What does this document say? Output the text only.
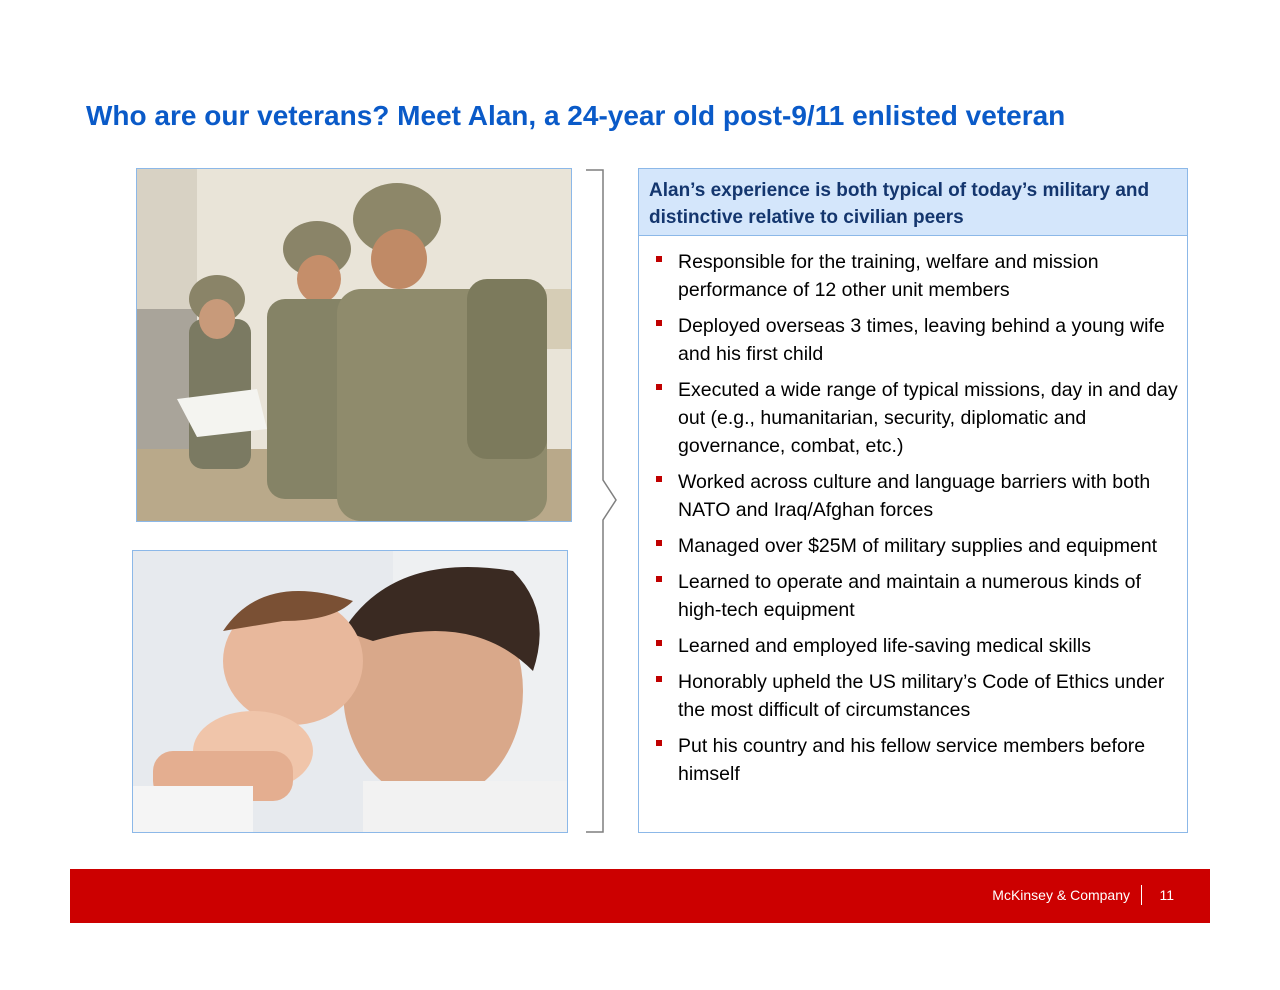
Who are our veterans? Meet Alan, a 24-year old post-9/11 enlisted veteran
Alan’s experience is both typical of today’s military and distinctive relative to civilian peers
Responsible for the training, welfare and mission performance of 12 other unit members
Deployed overseas 3 times, leaving behind a young wife and his first child
Executed a wide range of typical missions, day in and day out (e.g., humanitarian, security, diplomatic and governance, combat, etc.)
Worked across culture and language barriers with both NATO and Iraq/Afghan forces
Managed over $25M of military supplies and equipment
Learned to operate and maintain a numerous kinds of high-tech equipment
Learned and employed life-saving medical skills
Honorably upheld the US military’s Code of Ethics under the most difficult of circumstances
Put his country and his fellow service members before himself
McKinsey & Company 11
